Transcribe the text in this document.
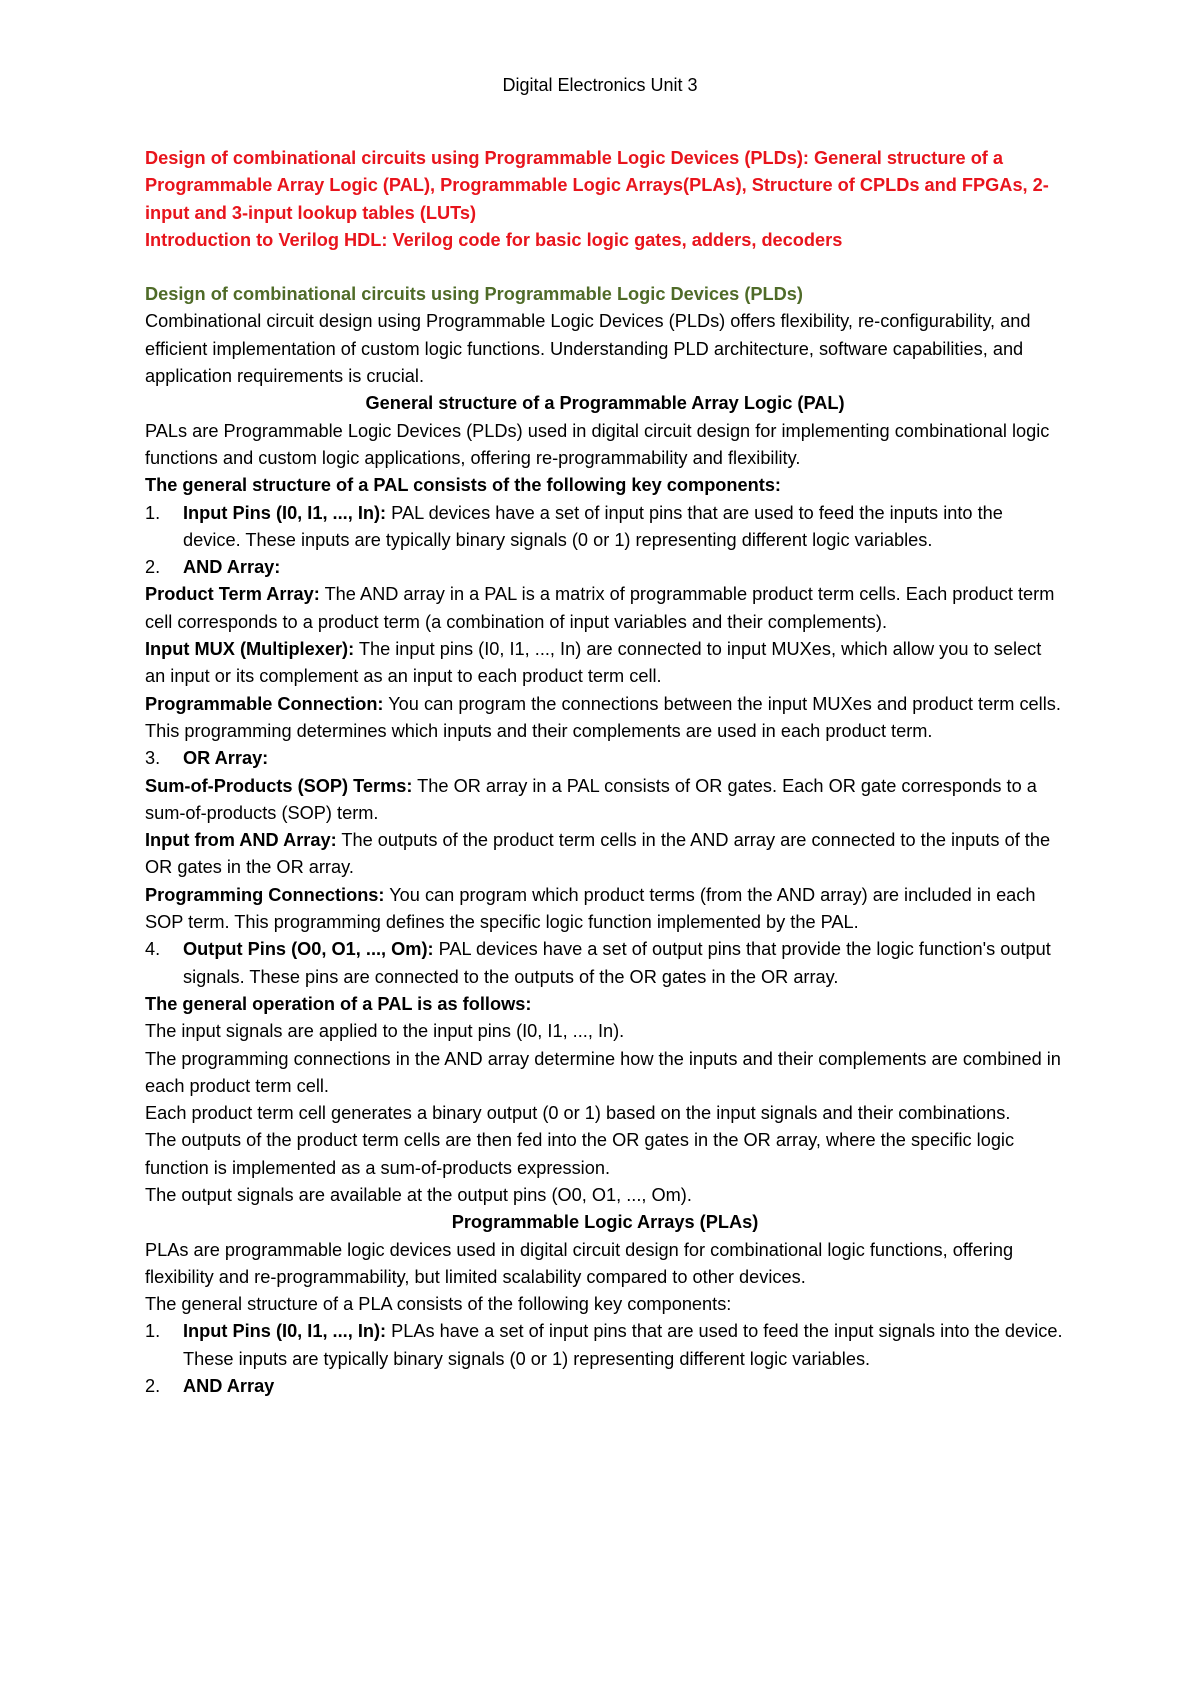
Digital Electronics Unit 3

Design of combinational circuits using Programmable Logic Devices (PLDs): General structure of a Programmable Array Logic (PAL), Programmable Logic Arrays(PLAs), Structure of CPLDs and FPGAs, 2- input and 3-input lookup tables (LUTs)

Introduction to Verilog HDL: Verilog code for basic logic gates, adders, decoders

Design of combinational circuits using Programmable Logic Devices (PLDs)

Combinational circuit design using Programmable Logic Devices (PLDs) offers flexibility, re-configurability, and efficient implementation of custom logic functions. Understanding PLD architecture, software capabilities, and application requirements is crucial.

General structure of a Programmable Array Logic (PAL)

PALs are Programmable Logic Devices (PLDs) used in digital circuit design for implementing combinational logic functions and custom logic applications, offering re-programmability and flexibility.

The general structure of a PAL consists of the following key components:

1. Input Pins (I0, I1, ..., In): PAL devices have a set of input pins that are used to feed the inputs into the device. These inputs are typically binary signals (0 or 1) representing different logic variables.
2. AND Array:

Product Term Array: The AND array in a PAL is a matrix of programmable product term cells. Each product term cell corresponds to a product term (a combination of input variables and their complements).

Input MUX (Multiplexer): The input pins (I0, I1, ..., In) are connected to input MUXes, which allow you to select an input or its complement as an input to each product term cell.

Programmable Connection: You can program the connections between the input MUXes and product term cells. This programming determines which inputs and their complements are used in each product term.

3. OR Array:

Sum-of-Products (SOP) Terms: The OR array in a PAL consists of OR gates. Each OR gate corresponds to a sum-of-products (SOP) term.

Input from AND Array: The outputs of the product term cells in the AND array are connected to the inputs of the OR gates in the OR array.

Programming Connections: You can program which product terms (from the AND array) are included in each SOP term. This programming defines the specific logic function implemented by the PAL.

4. Output Pins (O0, O1, ..., Om): PAL devices have a set of output pins that provide the logic function's output signals. These pins are connected to the outputs of the OR gates in the OR array.

The general operation of a PAL is as follows:

The input signals are applied to the input pins (I0, I1, ..., In).

The programming connections in the AND array determine how the inputs and their complements are combined in each product term cell.

Each product term cell generates a binary output (0 or 1) based on the input signals and their combinations.

The outputs of the product term cells are then fed into the OR gates in the OR array, where the specific logic function is implemented as a sum-of-products expression.

The output signals are available at the output pins (O0, O1, ..., Om).

Programmable Logic Arrays (PLAs)

PLAs are programmable logic devices used in digital circuit design for combinational logic functions, offering flexibility and re-programmability, but limited scalability compared to other devices.

The general structure of a PLA consists of the following key components:

1. Input Pins (I0, I1, ..., In): PLAs have a set of input pins that are used to feed the input signals into the device. These inputs are typically binary signals (0 or 1) representing different logic variables.
2. AND Array
